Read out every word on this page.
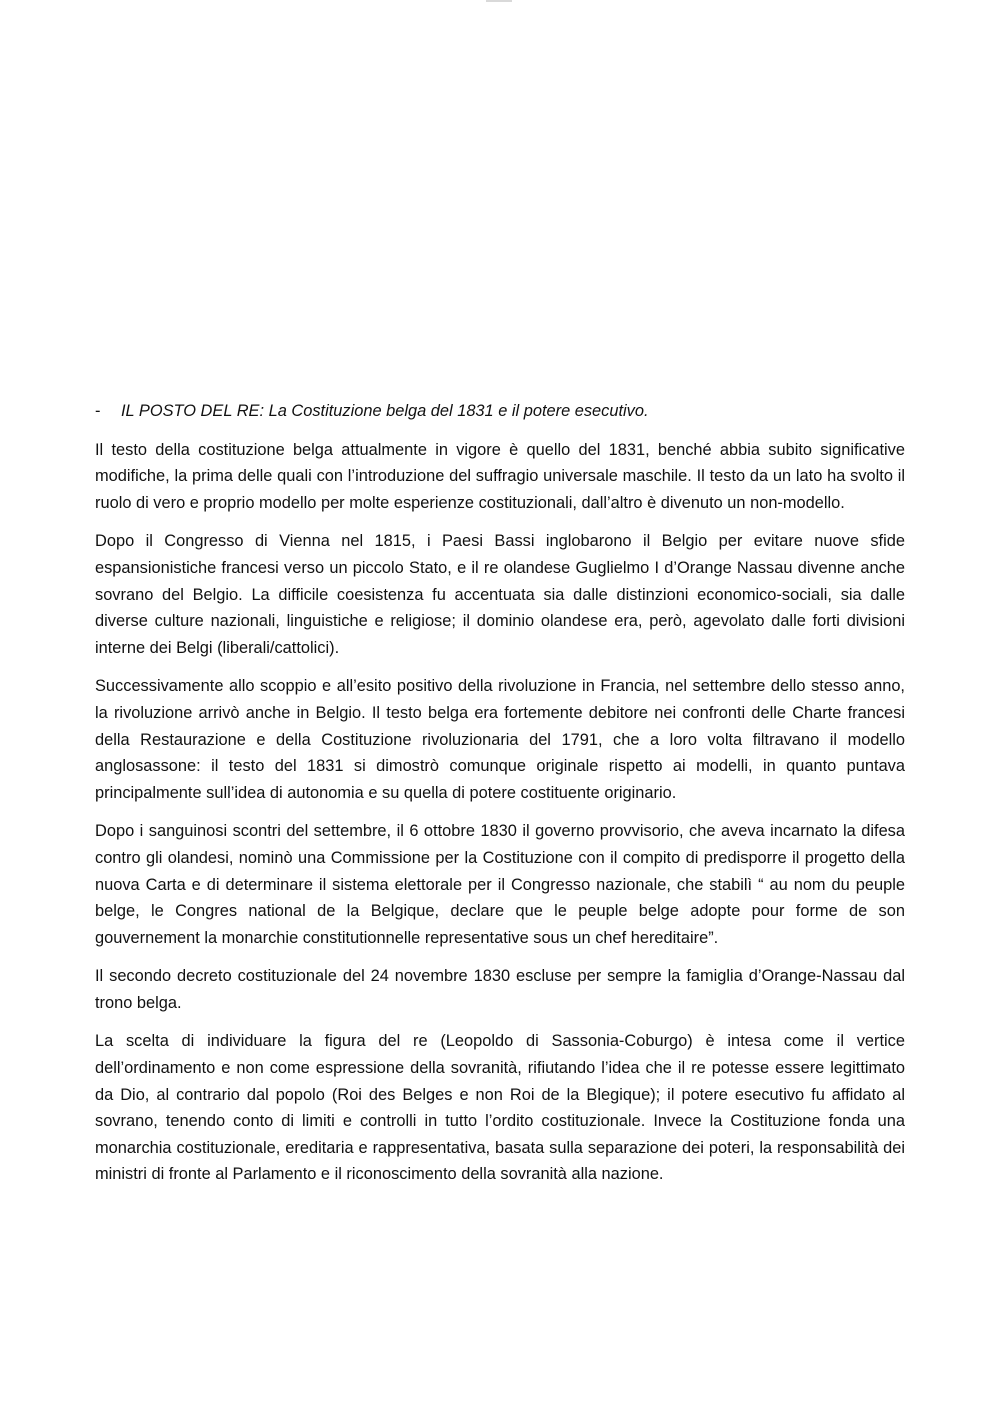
-	IL POSTO DEL RE: La Costituzione belga del 1831 e il potere esecutivo.

Il testo della costituzione belga attualmente in vigore è quello del 1831, benché abbia subito significative modifiche, la prima delle quali con l’introduzione del suffragio universale maschile. Il testo da un lato ha svolto il ruolo di vero e proprio modello per molte esperienze costituzionali, dall’altro è divenuto un non-modello.

Dopo il Congresso di Vienna nel 1815, i Paesi Bassi inglobarono il Belgio per evitare nuove sfide espansionistiche francesi verso un piccolo Stato, e il re olandese Guglielmo I d’Orange Nassau divenne anche sovrano del Belgio. La difficile coesistenza fu accentuata sia dalle distinzioni economico-sociali, sia dalle diverse culture nazionali, linguistiche e religiose; il dominio olandese era, però, agevolato dalle forti divisioni interne dei Belgi (liberali/cattolici).

Successivamente allo scoppio e all’esito positivo della rivoluzione in Francia, nel settembre dello stesso anno, la rivoluzione arrivò anche in Belgio. Il testo belga era fortemente debitore nei confronti delle Charte francesi della Restaurazione e della Costituzione rivoluzionaria del 1791, che a loro volta filtravano il modello anglosassone: il testo del 1831 si dimostrò comunque originale rispetto ai modelli, in quanto puntava principalmente sull’idea di autonomia e su quella di potere costituente originario.

Dopo i sanguinosi scontri del settembre, il 6 ottobre 1830 il governo provvisorio, che aveva incarnato la difesa contro gli olandesi, nominò una Commissione per la Costituzione con il compito di predisporre il progetto della nuova Carta e di determinare il sistema elettorale per il Congresso nazionale, che stabilì “ au nom du peuple belge, le Congres national de la Belgique, declare que le peuple belge adopte pour forme de son gouvernement la monarchie constitutionnelle representative sous un chef hereditaire”.

Il secondo decreto costituzionale del 24 novembre 1830 escluse per sempre la famiglia d’Orange-Nassau dal trono belga.

La scelta di individuare la figura del re (Leopoldo di Sassonia-Coburgo) è intesa come il vertice dell’ordinamento e non come espressione della sovranità, rifiutando l’idea che il re potesse essere legittimato da Dio, al contrario dal popolo (Roi des Belges e non Roi de la Blegique); il potere esecutivo fu affidato al sovrano, tenendo conto di limiti e controlli in tutto l’ordito costituzionale. Invece la Costituzione fonda una monarchia costituzionale, ereditaria e rappresentativa, basata sulla separazione dei poteri, la responsabilità dei ministri di fronte al Parlamento e il riconoscimento della sovranità alla nazione.
